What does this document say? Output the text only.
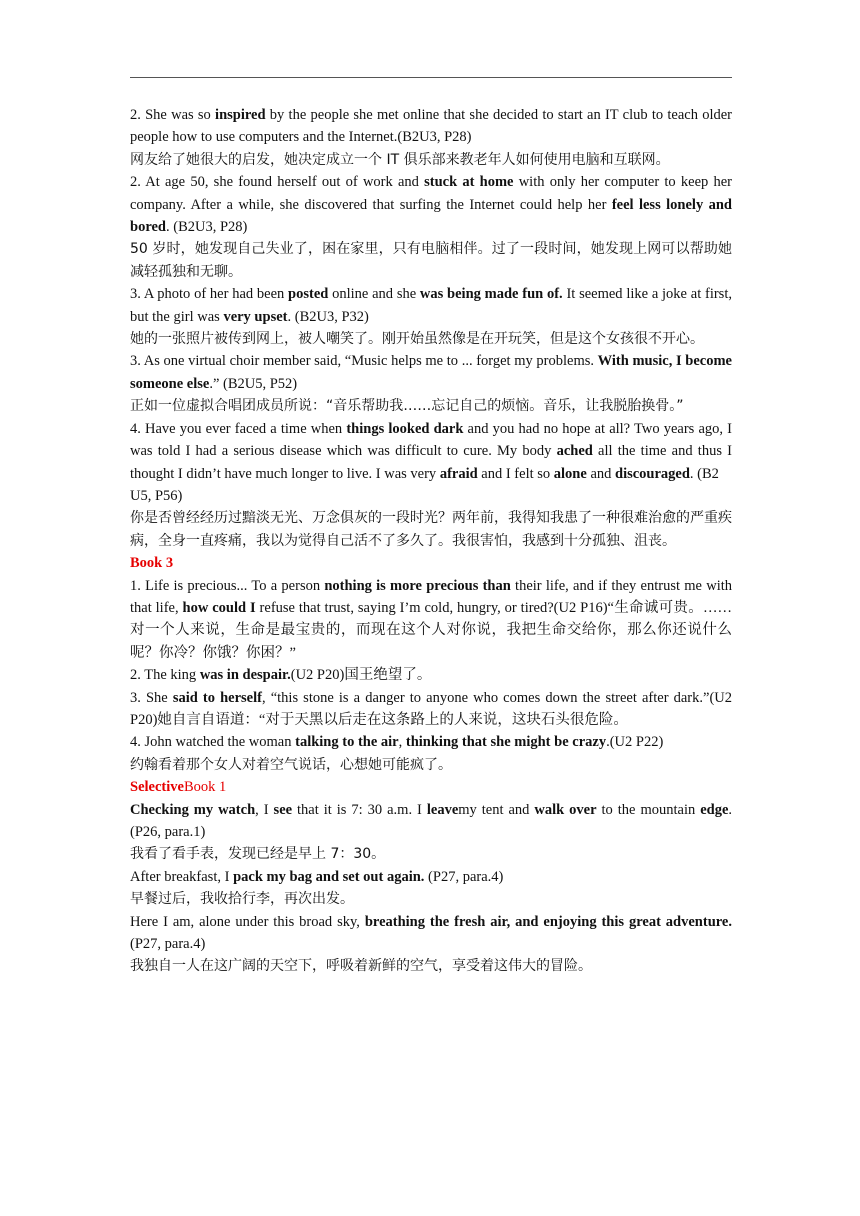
2. She was so inspired by the people she met online that she decided to start an IT club to teach older people how to use computers and the Internet.(B2U3, P28)

网友给了她很大的启发，她决定成立一个 IT 俱乐部来教老年人如何使用电脑和互联网。

2. At age 50, she found herself out of work and stuck at home with only her computer to keep her company. After a while, she discovered that surfing the Internet could help her feel less lonely and bored. (B2U3, P28)

50 岁时，她发现自己失业了，困在家里，只有电脑相伴。过了一段时间，她发现上网可以帮助她减轻孤独和无聊。

3. A photo of her had been posted online and she was being made fun of. It seemed like a joke at first, but the girl was very upset. (B2U3, P32)

她的一张照片被传到网上，被人嘲笑了。刚开始虽然像是在开玩笑，但是这个女孩很不开心。

3. As one virtual choir member said, “Music helps me to ... forget my problems. With music, I become someone else.” (B2U5, P52)

正如一位虚拟合唱团成员所说：“音乐帮助我……忘记自己的烦恼。音乐，让我脱胎换骨。”

4. Have you ever faced a time when things looked dark and you had no hope at all? Two years ago, I was told I had a serious disease which was difficult to cure. My body ached all the time and thus I thought I didn’t have much longer to live. I was very afraid and I felt so alone and discouraged. (B2

U5, P56)

你是否曾经经历过黯淡无光、万念俱灰的一段时光？两年前，我得知我患了一种很难治愈的严重疾病，全身一直疼痛，我以为觉得自己活不了多久了。我很害怕，我感到十分孤独、沮丧。

Book 3

1. Life is precious... To a person nothing is more precious than their life, and if they entrust me with that life, how could I refuse that trust, saying I’m cold, hungry, or tired?(U2 P16)“生命诚可贵。……对一个人来说，生命是最宝贵的，而现在这个人对你说，我把生命交给你，那么你还说什么呢？你冷？你饿？你困？”

2. The king was in despair.(U2 P20)国王绝望了。

3. She said to herself, “this stone is a danger to anyone who comes down the street after dark.”(U2 P20)她自言自语道：“对于天黑以后走在这条路上的人来说，这块石头很危险。

4. John watched the woman talking to the air, thinking that she might be crazy.(U2 P22)

约翰看着那个女人对着空气说话，心想她可能疯了。

SelectiveBook 1

Checking my watch, I see that it is 7: 30 a.m. I leavemy tent and walk over to the mountain edge. (P26, para.1)

我看了看手表，发现已经是早上 7：30。

After breakfast, I pack my bag and set out again. (P27, para.4)

早餐过后，我收拾行李，再次出发。

Here I am, alone under this broad sky, breathing the fresh air, and enjoying this great adventure.(P27, para.4)

我独自一人在这广阔的天空下，呼吸着新鲜的空气，享受着这伟大的冒险。
